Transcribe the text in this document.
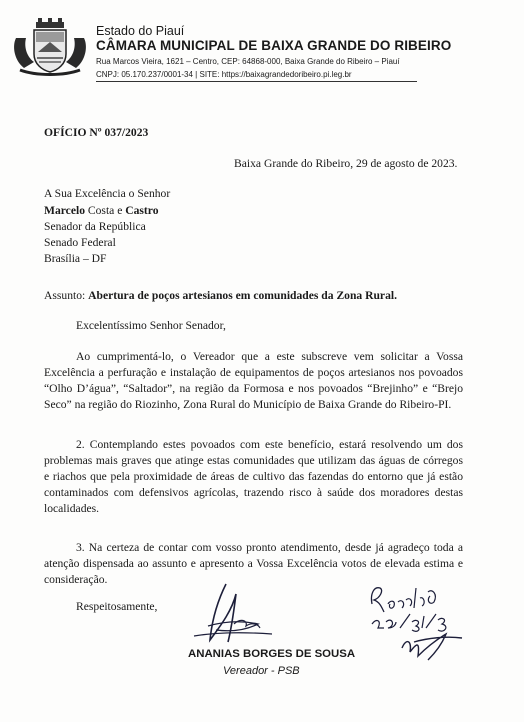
Estado do Piauí
CÂMARA MUNICIPAL DE BAIXA GRANDE DO RIBEIRO
Rua Marcos Vieira, 1621 – Centro, CEP: 64868-000, Baixa Grande do Ribeiro – Piauí
CNPJ: 05.170.237/0001-34 | SITE: https://baixagrandedoribeiro.pi.leg.br
OFÍCIO Nº 037/2023
Baixa Grande do Ribeiro, 29 de agosto de 2023.
A Sua Excelência o Senhor
Marcelo Costa e Castro
Senador da República
Senado Federal
Brasília – DF
Assunto: Abertura de poços artesianos em comunidades da Zona Rural.
Excelentíssimo Senhor Senador,
Ao cumprimentá-lo, o Vereador que a este subscreve vem solicitar a Vossa Excelência a perfuração e instalação de equipamentos de poços artesianos nos povoados “Olho D’água”, “Saltador”, na região da Formosa e nos povoados “Brejinho” e “Brejo Seco” na região do Riozinho, Zona Rural do Município de Baixa Grande do Ribeiro-PI.
2. Contemplando estes povoados com este benefício, estará resolvendo um dos problemas mais graves que atinge estas comunidades que utilizam das águas de córregos e riachos que pela proximidade de áreas de cultivo das fazendas do entorno que já estão contaminados com defensivos agrícolas, trazendo risco à saúde dos moradores destas localidades.
3. Na certeza de contar com vosso pronto atendimento, desde já agradeço toda a atenção dispensada ao assunto e apresento a Vossa Excelência votos de elevada estima e consideração.
Respeitosamente,
ANANIAS BORGES DE SOUSA
Vereador - PSB
